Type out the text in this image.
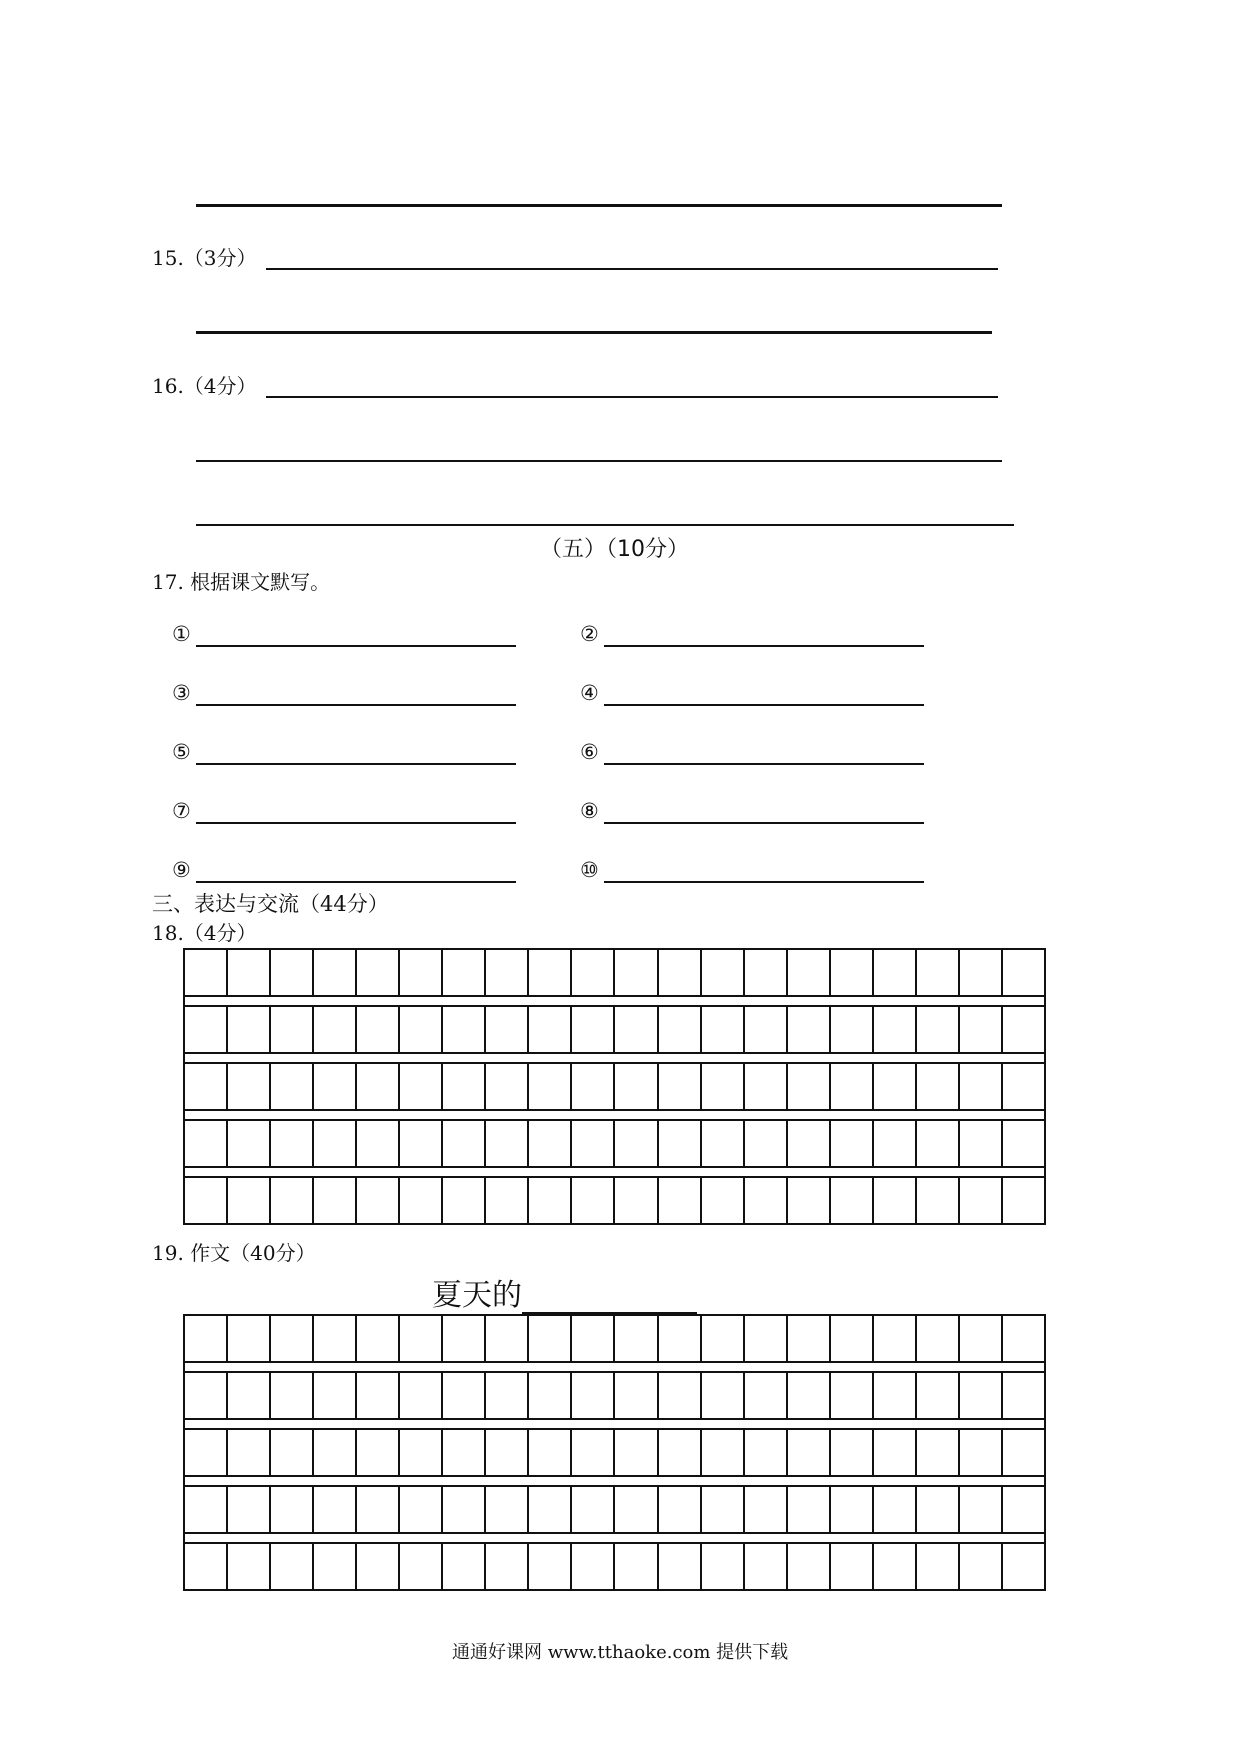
15.（3分）
16.（4分）
（五）（10分）
17. 根据课文默写。
①	②
③	④
⑤	⑥
⑦	⑧
⑨	⑩
三、表达与交流（44分）
18.（4分）
19. 作文（40分）
夏天的
通通好课网 www.tthaoke.com 提供下载
